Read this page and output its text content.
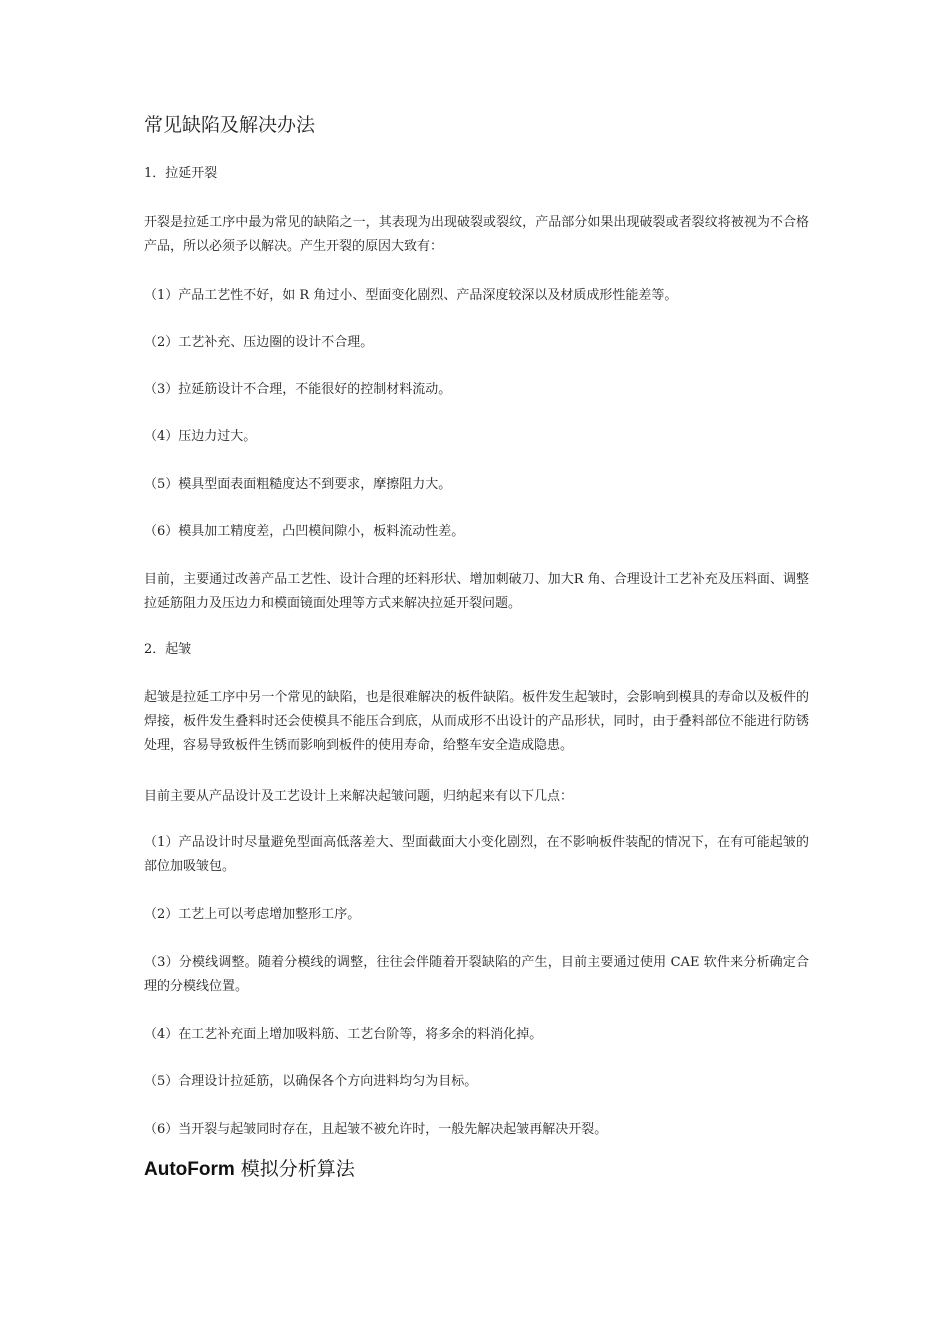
常见缺陷及解决办法
1．拉延开裂
开裂是拉延工序中最为常见的缺陷之一，其表现为出现破裂或裂纹，产品部分如果出现破裂或者裂纹将被视为不合格产品，所以必须予以解决。产生开裂的原因大致有：
（1）产品工艺性不好，如 R 角过小、型面变化剧烈、产品深度较深以及材质成形性能差等。
（2）工艺补充、压边圈的设计不合理。
（3）拉延筋设计不合理，不能很好的控制材料流动。
（4）压边力过大。
（5）模具型面表面粗糙度达不到要求，摩擦阻力大。
（6）模具加工精度差，凸凹模间隙小，板料流动性差。
目前，主要通过改善产品工艺性、设计合理的坯料形状、增加刺破刀、加大R 角、合理设计工艺补充及压料面、调整拉延筋阻力及压边力和模面镜面处理等方式来解决拉延开裂问题。
2．起皱
起皱是拉延工序中另一个常见的缺陷，也是很难解决的板件缺陷。板件发生起皱时，会影响到模具的寿命以及板件的焊接，板件发生叠料时还会使模具不能压合到底，从而成形不出设计的产品形状，同时，由于叠料部位不能进行防锈处理，容易导致板件生锈而影响到板件的使用寿命，给整车安全造成隐患。
目前主要从产品设计及工艺设计上来解决起皱问题，归纳起来有以下几点：
（1）产品设计时尽量避免型面高低落差大、型面截面大小变化剧烈，在不影响板件装配的情况下，在有可能起皱的部位加吸皱包。
（2）工艺上可以考虑增加整形工序。
（3）分模线调整。随着分模线的调整，往往会伴随着开裂缺陷的产生，目前主要通过使用 CAE 软件来分析确定合理的分模线位置。
（4）在工艺补充面上增加吸料筋、工艺台阶等，将多余的料消化掉。
（5）合理设计拉延筋，以确保各个方向进料均匀为目标。
（6）当开裂与起皱同时存在，且起皱不被允许时，一般先解决起皱再解决开裂。
AutoForm 模拟分析算法
